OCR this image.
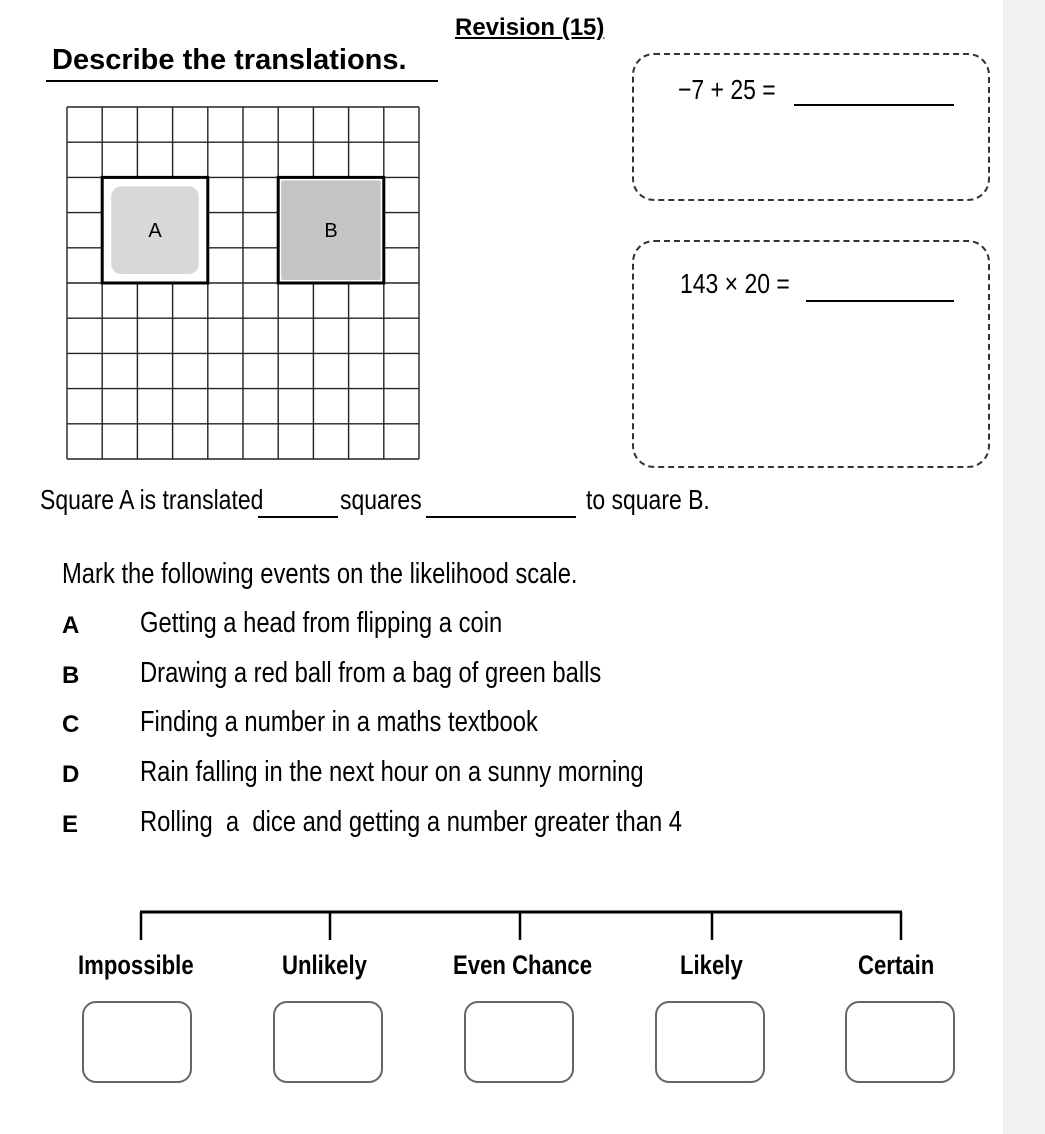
Revision (15)
Describe the translations.
A	B
−7 + 25 =
143 × 20 =
Square A is translated	squares	to square B.
Mark the following events on the likelihood scale.
A Getting a head from flipping a coin
B Drawing a red ball from a bag of green balls
C Finding a number in a maths textbook
D Rain falling in the next hour on a sunny morning
E Rolling  a  dice and getting a number greater than 4
Impossible	Unlikely	Even Chance	Likely	Certain
